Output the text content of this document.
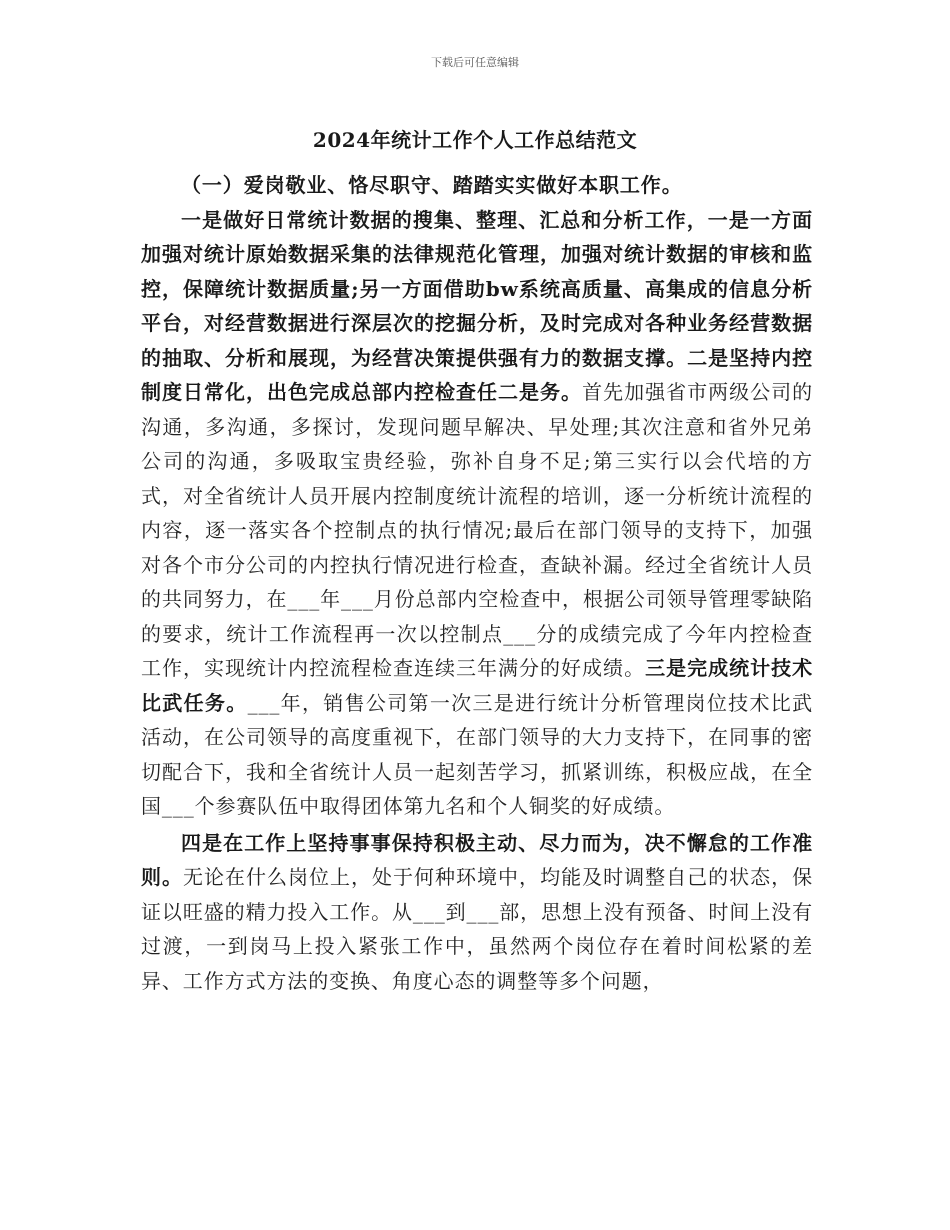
下载后可任意编辑
2024年统计工作个人工作总结范文

（一）爱岗敬业、恪尽职守、踏踏实实做好本职工作。

一是做好日常统计数据的搜集、整理、汇总和分析工作，一是一方面加强对统计原始数据采集的法律规范化管理，加强对统计数据的审核和监控，保障统计数据质量;另一方面借助bw系统高质量、高集成的信息分析平台，对经营数据进行深层次的挖掘分析，及时完成对各种业务经营数据的抽取、分析和展现，为经营决策提供强有力的数据支撑。二是坚持内控制度日常化，出色完成总部内控检查任二是务。首先加强省市两级公司的沟通，多沟通，多探讨，发现问题早解决、早处理;其次注意和省外兄弟公司的沟通，多吸取宝贵经验，弥补自身不足;第三实行以会代培的方式，对全省统计人员开展内控制度统计流程的培训，逐一分析统计流程的内容，逐一落实各个控制点的执行情况;最后在部门领导的支持下，加强对各个市分公司的内控执行情况进行检查，查缺补漏。经过全省统计人员的共同努力，在___年___月份总部内空检查中，根据公司领导管理零缺陷的要求，统计工作流程再一次以控制点___分的成绩完成了今年内控检查工作，实现统计内控流程检查连续三年满分的好成绩。三是完成统计技术比武任务。___年，销售公司第一次三是进行统计分析管理岗位技术比武活动，在公司领导的高度重视下，在部门领导的大力支持下，在同事的密切配合下，我和全省统计人员一起刻苦学习，抓紧训练，积极应战，在全国___个参赛队伍中取得团体第九名和个人铜奖的好成绩。

四是在工作上坚持事事保持积极主动、尽力而为，决不懈怠的工作准则。无论在什么岗位上，处于何种环境中，均能及时调整自己的状态，保证以旺盛的精力投入工作。从___到___部，思想上没有预备、时间上没有过渡，一到岗马上投入紧张工作中，虽然两个岗位存在着时间松紧的差异、工作方式方法的变换、角度心态的调整等多个问题，
